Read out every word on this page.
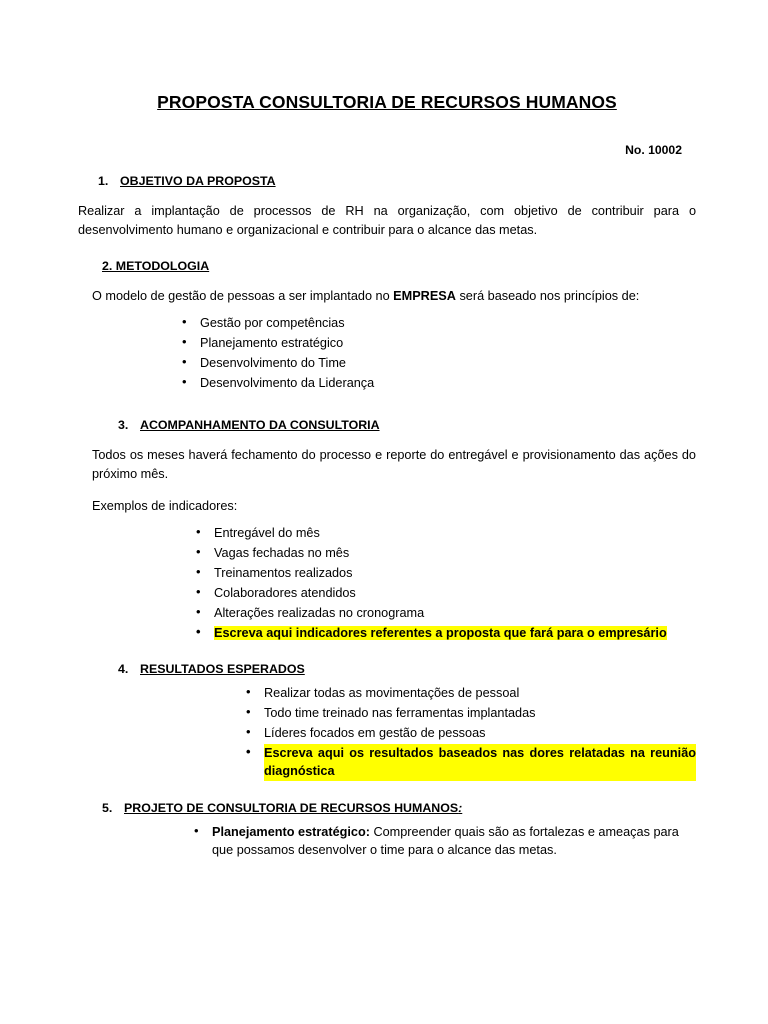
PROPOSTA CONSULTORIA DE RECURSOS HUMANOS
No. 10002
1. OBJETIVO DA PROPOSTA

Realizar a implantação de processos de RH na organização, com objetivo de contribuir para o desenvolvimento humano e organizacional e contribuir para o alcance das metas.

2. METODOLOGIA

O modelo de gestão de pessoas a ser implantado no EMPRESA será baseado nos princípios de:

• Gestão por competências
• Planejamento estratégico
• Desenvolvimento do Time
• Desenvolvimento da Liderança
3. ACOMPANHAMENTO DA CONSULTORIA

Todos os meses haverá fechamento do processo e reporte do entregável e provisionamento das ações do próximo mês.

Exemplos de indicadores:

• Entregável do mês
• Vagas fechadas no mês
• Treinamentos realizados
• Colaboradores atendidos
• Alterações realizadas no cronograma
• Escreva aqui indicadores referentes a proposta que fará para o empresário
4. RESULTADOS ESPERADOS
• Realizar todas as movimentações de pessoal
• Todo time treinado nas ferramentas implantadas
• Líderes focados em gestão de pessoas
• Escreva aqui os resultados baseados nas dores relatadas na reunião diagnóstica
5. PROJETO DE CONSULTORIA DE RECURSOS HUMANOS:
• Planejamento estratégico: Compreender quais são as fortalezas e ameaças para que possamos desenvolver o time para o alcance das metas.
